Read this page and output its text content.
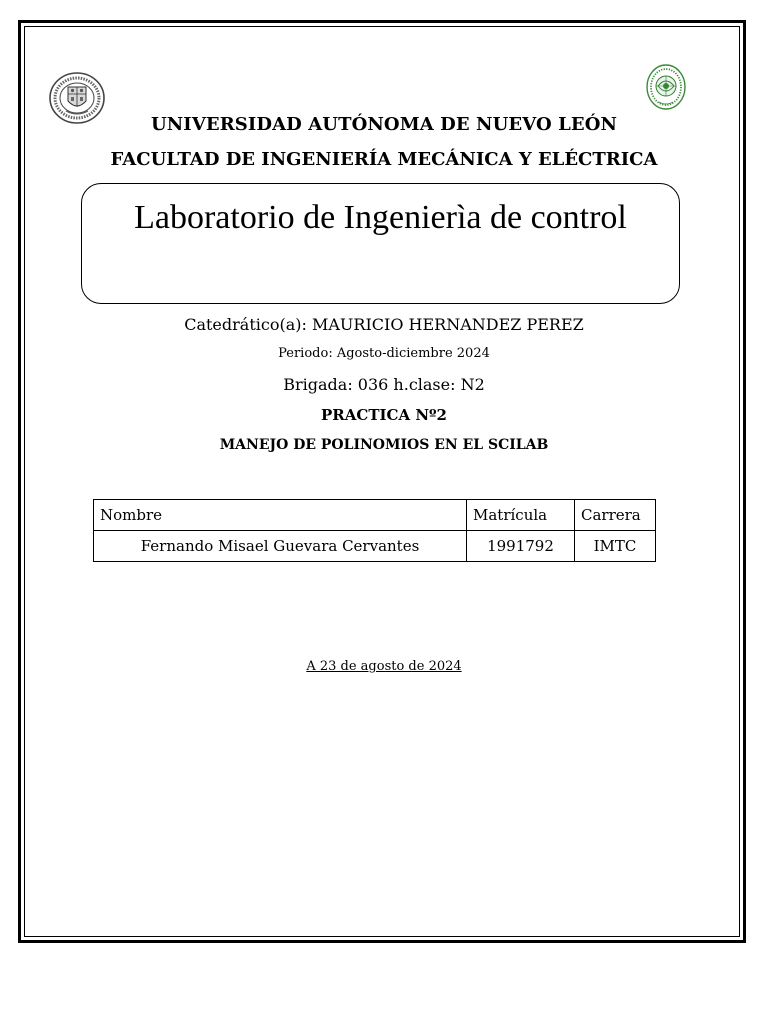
UNIVERSIDAD AUTÓNOMA DE NUEVO LEÓN
FACULTAD DE INGENIERÍA MECÁNICA Y ELÉCTRICA
Laboratorio de Ingenierìa de control
Catedrático(a): MAURICIO HERNANDEZ PEREZ
Periodo: Agosto-diciembre 2024
Brigada: 036 h.clase: N2
PRACTICA Nº2
MANEJO DE POLINOMIOS EN EL SCILAB
Nombre	Matrícula	Carrera
Fernando Misael Guevara Cervantes	1991792	IMTC
A 23 de agosto de 2024
